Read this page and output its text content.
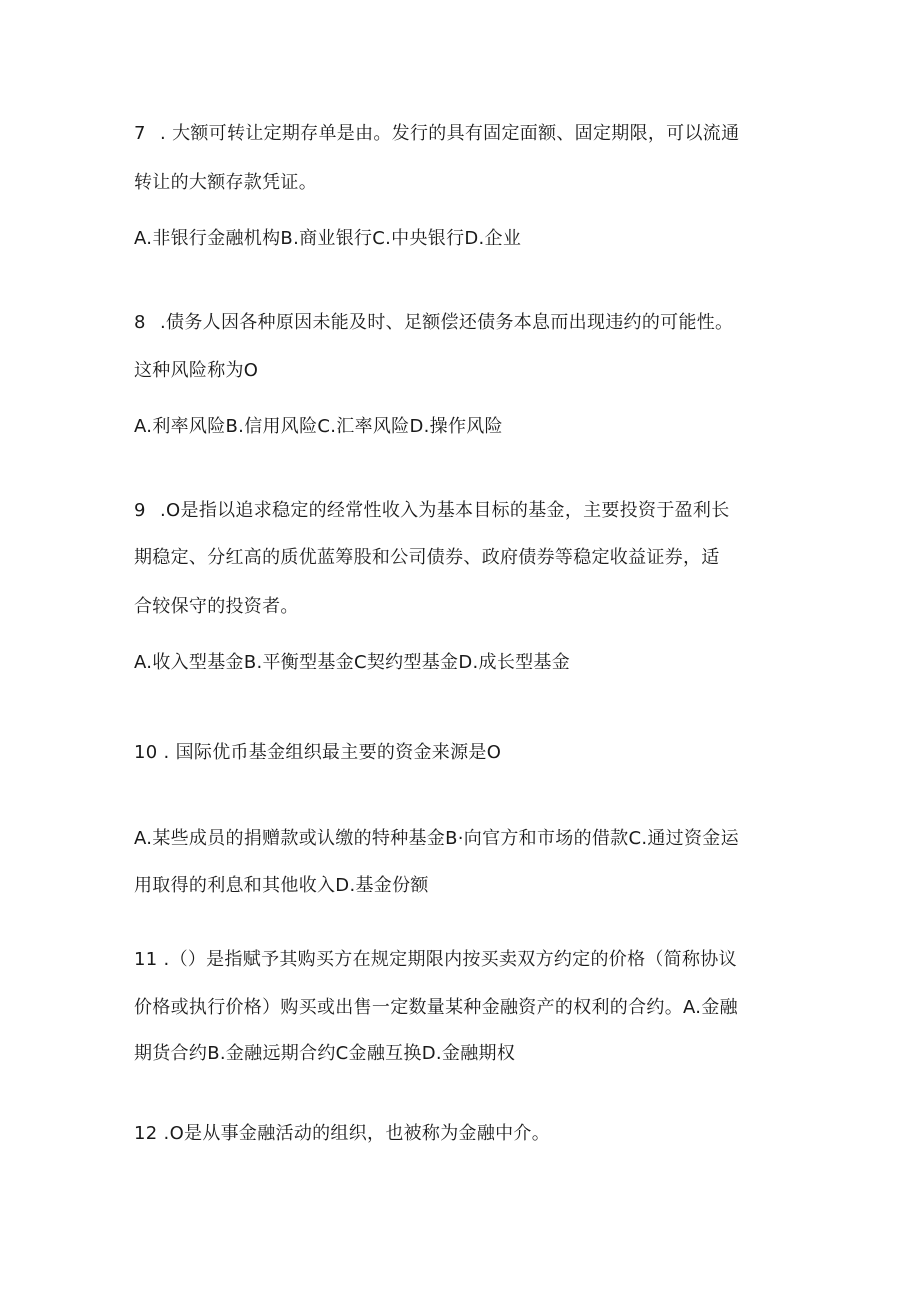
7 . 大额可转让定期存单是由。发行的具有固定面额、固定期限，可以流通
转让的大额存款凭证。
A.非银行金融机构B.商业银行C.中央银行D.企业
8 .债务人因各种原因未能及时、足额偿还债务本息而出现违约的可能性。
这种风险称为O
A.利率风险B.信用风险C.汇率风险D.操作风险
9 .O是指以追求稳定的经常性收入为基本目标的基金，主要投资于盈利长
期稳定、分红高的质优蓝筹股和公司债券、政府债券等稳定收益证券，适
合较保守的投资者。
A.收入型基金B.平衡型基金C契约型基金D.成长型基金
10 . 国际优币基金组织最主要的资金来源是O
A.某些成员的捐赠款或认缴的特种基金B·向官方和市场的借款C.通过资金运
用取得的利息和其他收入D.基金份额
11 .（）是指赋予其购买方在规定期限内按买卖双方约定的价格（简称协议
价格或执行价格）购买或出售一定数量某种金融资产的权利的合约。A.金融
期货合约B.金融远期合约C金融互换D.金融期权
12 .O是从事金融活动的组织，也被称为金融中介。
